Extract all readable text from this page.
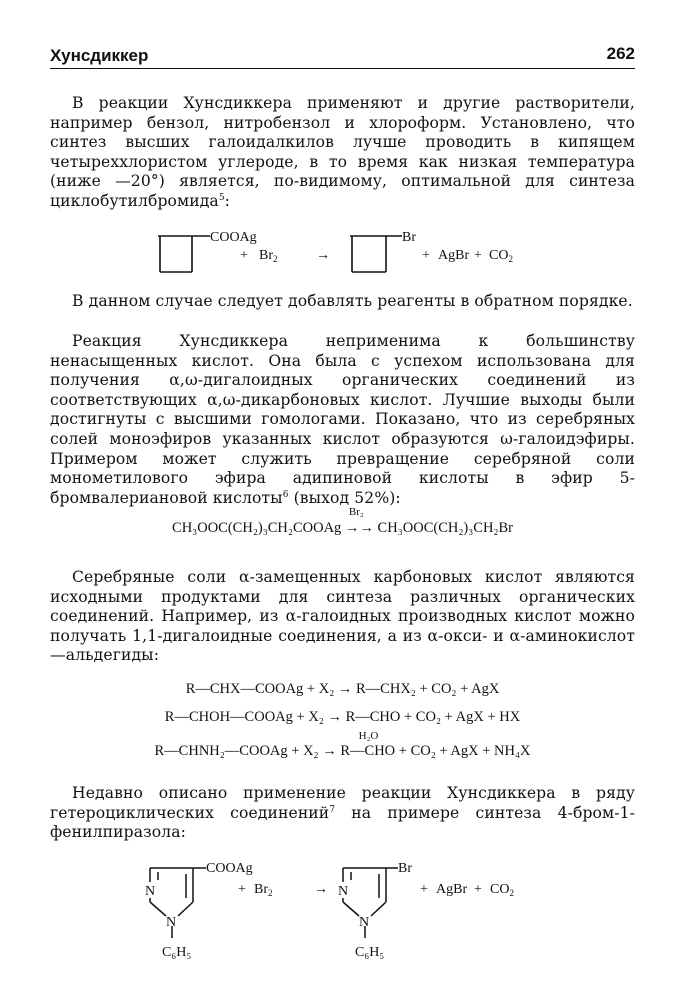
Хунсдиккер	262

В реакции Хунсдиккера применяют и другие растворители, например бензол, нитробензол и хлороформ. Установлено, что синтез высших галоидалкилов лучше проводить в кипящем четыреххлористом углероде, в то время как низкая температура (ниже —20°) является, по-видимому, оптимальной для синтеза циклобутилбромида$^5$:

COOAg
+ $Br_2$	→
Br
+ AgBr + $CO_2$

В данном случае следует добавлять реагенты в обратном порядке.

Реакция Хунсдиккера неприменима к большинству ненасыщенных кислот. Она была с успехом использована для получения α,ω-дигалоидных органических соединений из соответствующих α,ω-дикарбоновых кислот. Лучшие выходы были достигнуты с высшими гомологами. Показано, что из серебряных солей моноэфиров указанных кислот образуются ω-галоидэфиры. Примером может служить превращение серебряной соли монометилового эфира адипиновой кислоты в эфир 5-бромвалериановой кислоты$^6$ (выход 52%):

CH₃OOC(CH₂)₃CH₂COOAg
Br₂
→→ CH₃OOC(CH₂)₃CH₂Br

Серебряные соли α-замещенных карбоновых кислот являются исходными продуктами для синтеза различных органических соединений. Например, из α-галоидных производных кислот можно получать 1,1-дигалоидные соединения, а из α-окси- и α-аминокислот—альдегиды:

R—CHX—COOAg + X₂ → R—CHX₂ + CO₂ + AgX
R—CHOH—COOAg + X₂ → R—CHO + CO₂ + AgX + HX
H₂O
R—CHNH₂—COOAg + X₂ → R—CHO + CO₂ + AgX + NH₄X

Недавно описано применение реакции Хунсдиккера в ряду гетероциклических соединений$^7$ на примере синтеза 4-бром-1-фенилпиразола:

COOAg
N
N
C₆H₅
+ $Br_2$	→
Br
N
N
C₆H₅
+ AgBr + $CO_2$
